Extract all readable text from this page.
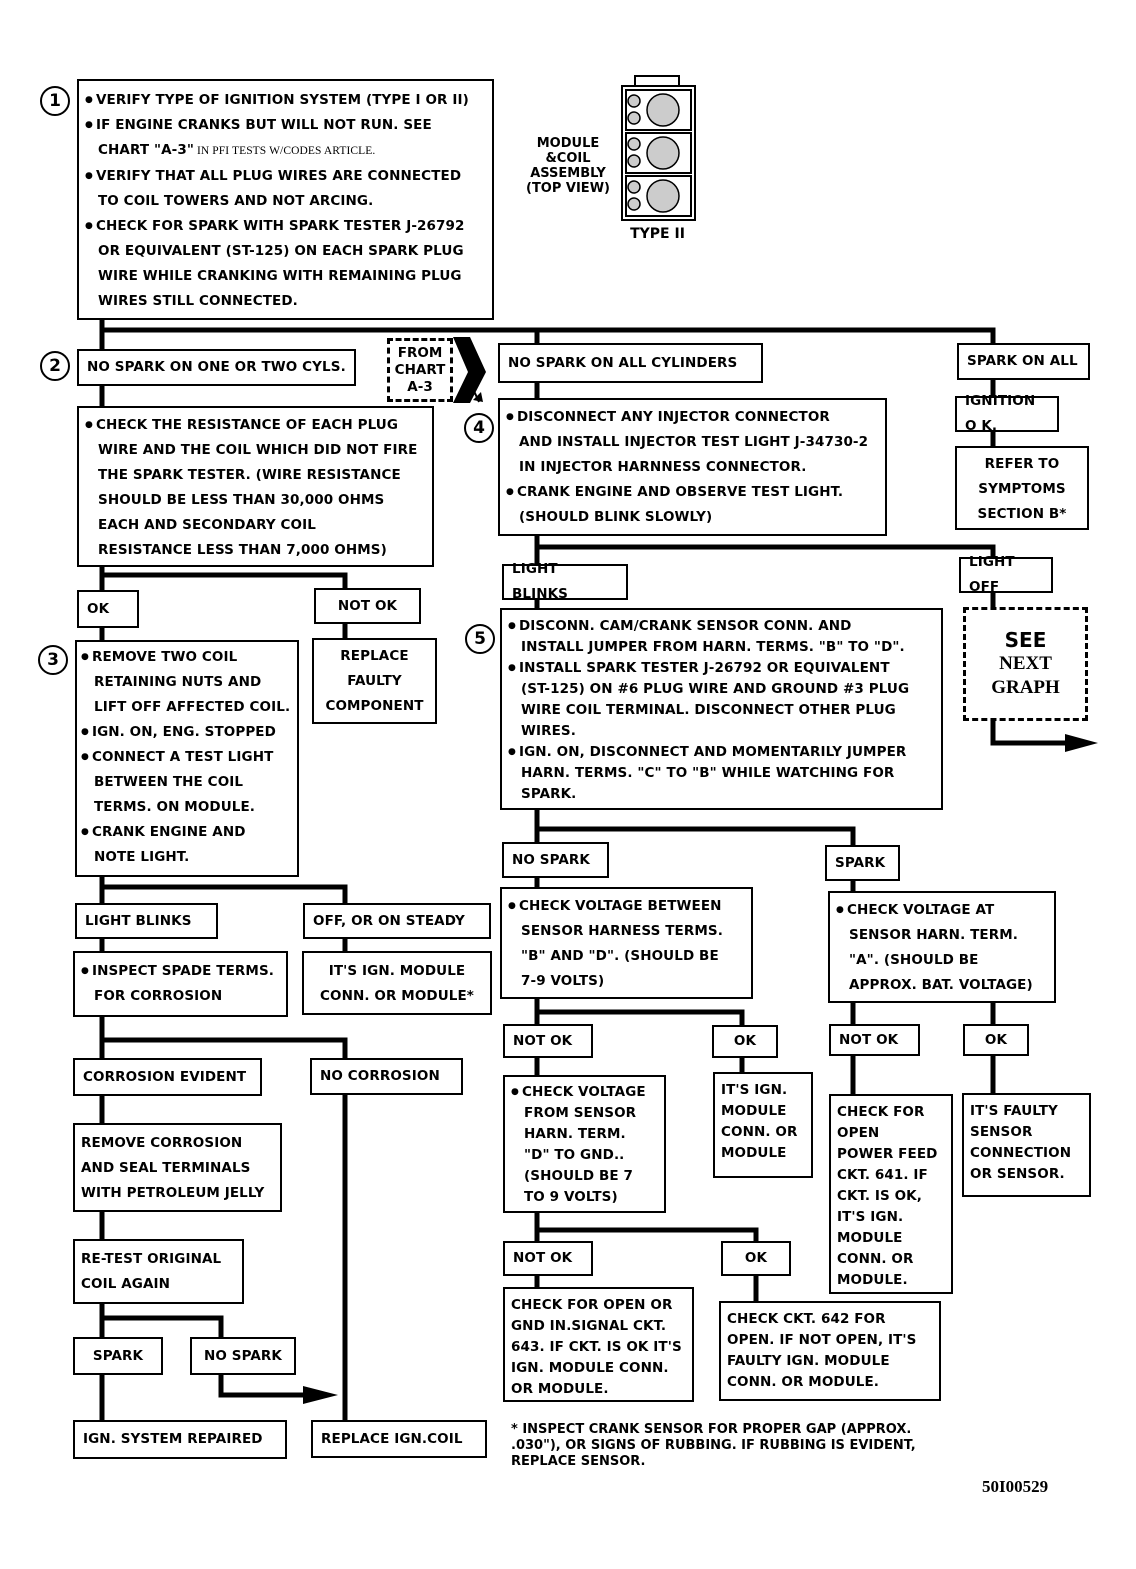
1
2
3
4
5
● VERIFY TYPE OF IGNITION SYSTEM (TYPE I OR II)
● IF ENGINE CRANKS BUT WILL NOT RUN. SEE
CHART "A-3" IN PFI TESTS W/CODES ARTICLE.
● VERIFY THAT ALL PLUG WIRES ARE CONNECTED
TO COIL TOWERS AND NOT ARCING.
● CHECK FOR SPARK WITH SPARK TESTER J-26792
OR EQUIVALENT (ST-125) ON EACH SPARK PLUG
WIRE WHILE CRANKING WITH REMAINING PLUG
WIRES STILL CONNECTED.
MODULE
&COIL
ASSEMBLY
(TOP VIEW)
TYPE II
NO SPARK ON ONE OR TWO CYLS.
FROM
CHART
A-3
NO SPARK ON ALL CYLINDERS	SPARK ON ALL
IGNITION O K.
REFER TO
SYMPTOMS
SECTION B*
● CHECK THE RESISTANCE OF EACH PLUG
WIRE AND THE COIL WHICH DID NOT FIRE
THE SPARK TESTER. (WIRE RESISTANCE
SHOULD BE LESS THAN 30,000 OHMS
EACH AND SECONDARY COIL
RESISTANCE LESS THAN 7,000 OHMS)
OK	NOT OK
REPLACE
FAULTY
COMPONENT
● REMOVE TWO COIL
RETAINING NUTS AND
LIFT OFF AFFECTED COIL.
● IGN. ON, ENG. STOPPED
● CONNECT A TEST LIGHT
BETWEEN THE COIL
TERMS. ON MODULE.
● CRANK ENGINE AND
NOTE LIGHT.
LIGHT BLINKS	OFF, OR ON STEADY
● INSPECT SPADE TERMS.
FOR CORROSION
IT'S IGN. MODULE
CONN. OR MODULE*
CORROSION EVIDENT	NO CORROSION
REMOVE CORROSION
AND SEAL TERMINALS
WITH PETROLEUM JELLY
RE-TEST ORIGINAL
COIL AGAIN
SPARK	NO SPARK
IGN. SYSTEM REPAIRED	REPLACE IGN.COIL
● DISCONNECT ANY INJECTOR CONNECTOR
AND INSTALL INJECTOR TEST LIGHT J-34730-2
IN INJECTOR HARNNESS CONNECTOR.
● CRANK ENGINE AND OBSERVE TEST LIGHT.
(SHOULD BLINK SLOWLY)
LIGHT BLINKS
LIGHT OFF
SEE
NEXT
GRAPH
● DISCONN. CAM/CRANK SENSOR CONN. AND
INSTALL JUMPER FROM HARN. TERMS. "B" TO "D".
● INSTALL SPARK TESTER J-26792 OR EQUIVALENT
(ST-125) ON #6 PLUG WIRE AND GROUND #3 PLUG
WIRE COIL TERMINAL. DISCONNECT OTHER PLUG
WIRES.
● IGN. ON, DISCONNECT AND MOMENTARILY JUMPER
HARN. TERMS. "C" TO "B" WHILE WATCHING FOR
SPARK.
NO SPARK	SPARK
● CHECK VOLTAGE BETWEEN
SENSOR HARNESS TERMS.
"B" AND "D". (SHOULD BE
7-9 VOLTS)
● CHECK VOLTAGE AT
SENSOR HARN. TERM.
"A". (SHOULD BE
APPROX. BAT. VOLTAGE)
NOT OK	OK	NOT OK	OK
● CHECK VOLTAGE
FROM SENSOR
HARN. TERM.
"D" TO GND..
(SHOULD BE 7
TO 9 VOLTS)
IT'S IGN.
MODULE
CONN. OR
MODULE
CHECK FOR
OPEN
POWER FEED
CKT. 641. IF
CKT. IS OK,
IT'S IGN.
MODULE
CONN. OR
MODULE.
IT'S FAULTY
SENSOR
CONNECTION
OR SENSOR.
NOT OK	OK
CHECK FOR OPEN OR
GND IN.SIGNAL CKT.
643. IF CKT. IS OK IT'S
IGN. MODULE CONN.
OR MODULE.
CHECK CKT. 642 FOR
OPEN. IF NOT OPEN, IT'S
FAULTY IGN. MODULE
CONN. OR MODULE.
* INSPECT CRANK SENSOR FOR PROPER GAP (APPROX.
.030"), OR SIGNS OF RUBBING. IF RUBBING IS EVIDENT,
REPLACE SENSOR.
50I00529
